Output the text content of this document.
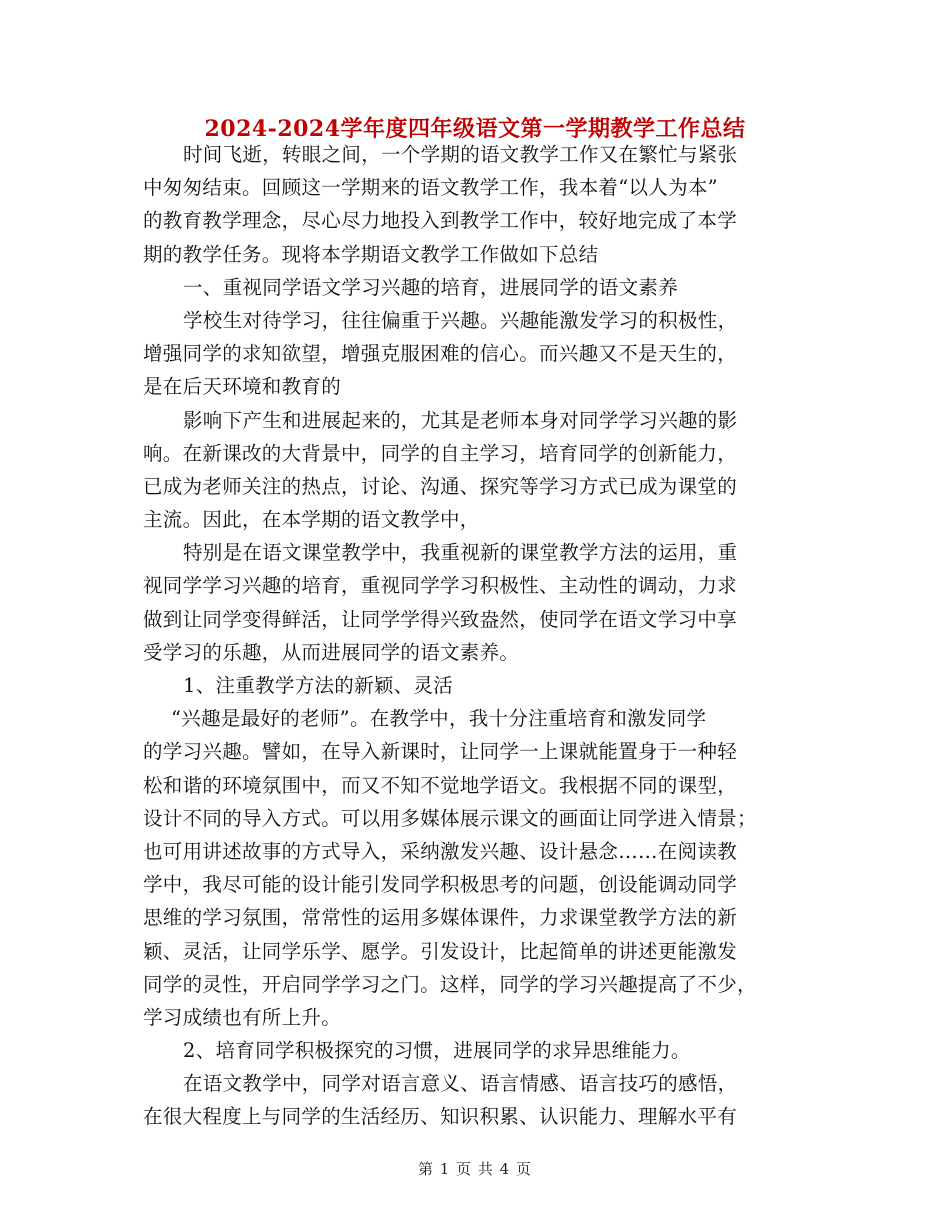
2024-2024学年度四年级语文第一学期教学工作总结
时间飞逝，转眼之间，一个学期的语文教学工作又在繁忙与紧张
中匆匆结束。回顾这一学期来的语文教学工作，我本着“以人为本”
的教育教学理念，尽心尽力地投入到教学工作中，较好地完成了本学
期的教学任务。现将本学期语文教学工作做如下总结
一、重视同学语文学习兴趣的培育，进展同学的语文素养
学校生对待学习，往往偏重于兴趣。兴趣能激发学习的积极性，
增强同学的求知欲望，增强克服困难的信心。而兴趣又不是天生的，
是在后天环境和教育的
影响下产生和进展起来的，尤其是老师本身对同学学习兴趣的影
响。在新课改的大背景中，同学的自主学习，培育同学的创新能力，
已成为老师关注的热点，讨论、沟通、探究等学习方式已成为课堂的
主流。因此，在本学期的语文教学中，
特别是在语文课堂教学中，我重视新的课堂教学方法的运用，重
视同学学习兴趣的培育，重视同学学习积极性、主动性的调动，力求
做到让同学变得鲜活，让同学学得兴致盎然，使同学在语文学习中享
受学习的乐趣，从而进展同学的语文素养。
1、注重教学方法的新颖、灵活
“兴趣是最好的老师”。在教学中，我十分注重培育和激发同学
的学习兴趣。譬如，在导入新课时，让同学一上课就能置身于一种轻
松和谐的环境氛围中，而又不知不觉地学语文。我根据不同的课型，
设计不同的导入方式。可以用多媒体展示课文的画面让同学进入情景；
也可用讲述故事的方式导入，采纳激发兴趣、设计悬念……在阅读教
学中，我尽可能的设计能引发同学积极思考的问题，创设能调动同学
思维的学习氛围，常常性的运用多媒体课件，力求课堂教学方法的新
颖、灵活，让同学乐学、愿学。引发设计，比起简单的讲述更能激发
同学的灵性，开启同学学习之门。这样，同学的学习兴趣提高了不少，
学习成绩也有所上升。
2、培育同学积极探究的习惯，进展同学的求异思维能力。
在语文教学中，同学对语言意义、语言情感、语言技巧的感悟，
在很大程度上与同学的生活经历、知识积累、认识能力、理解水平有
第 1 页 共 4 页
